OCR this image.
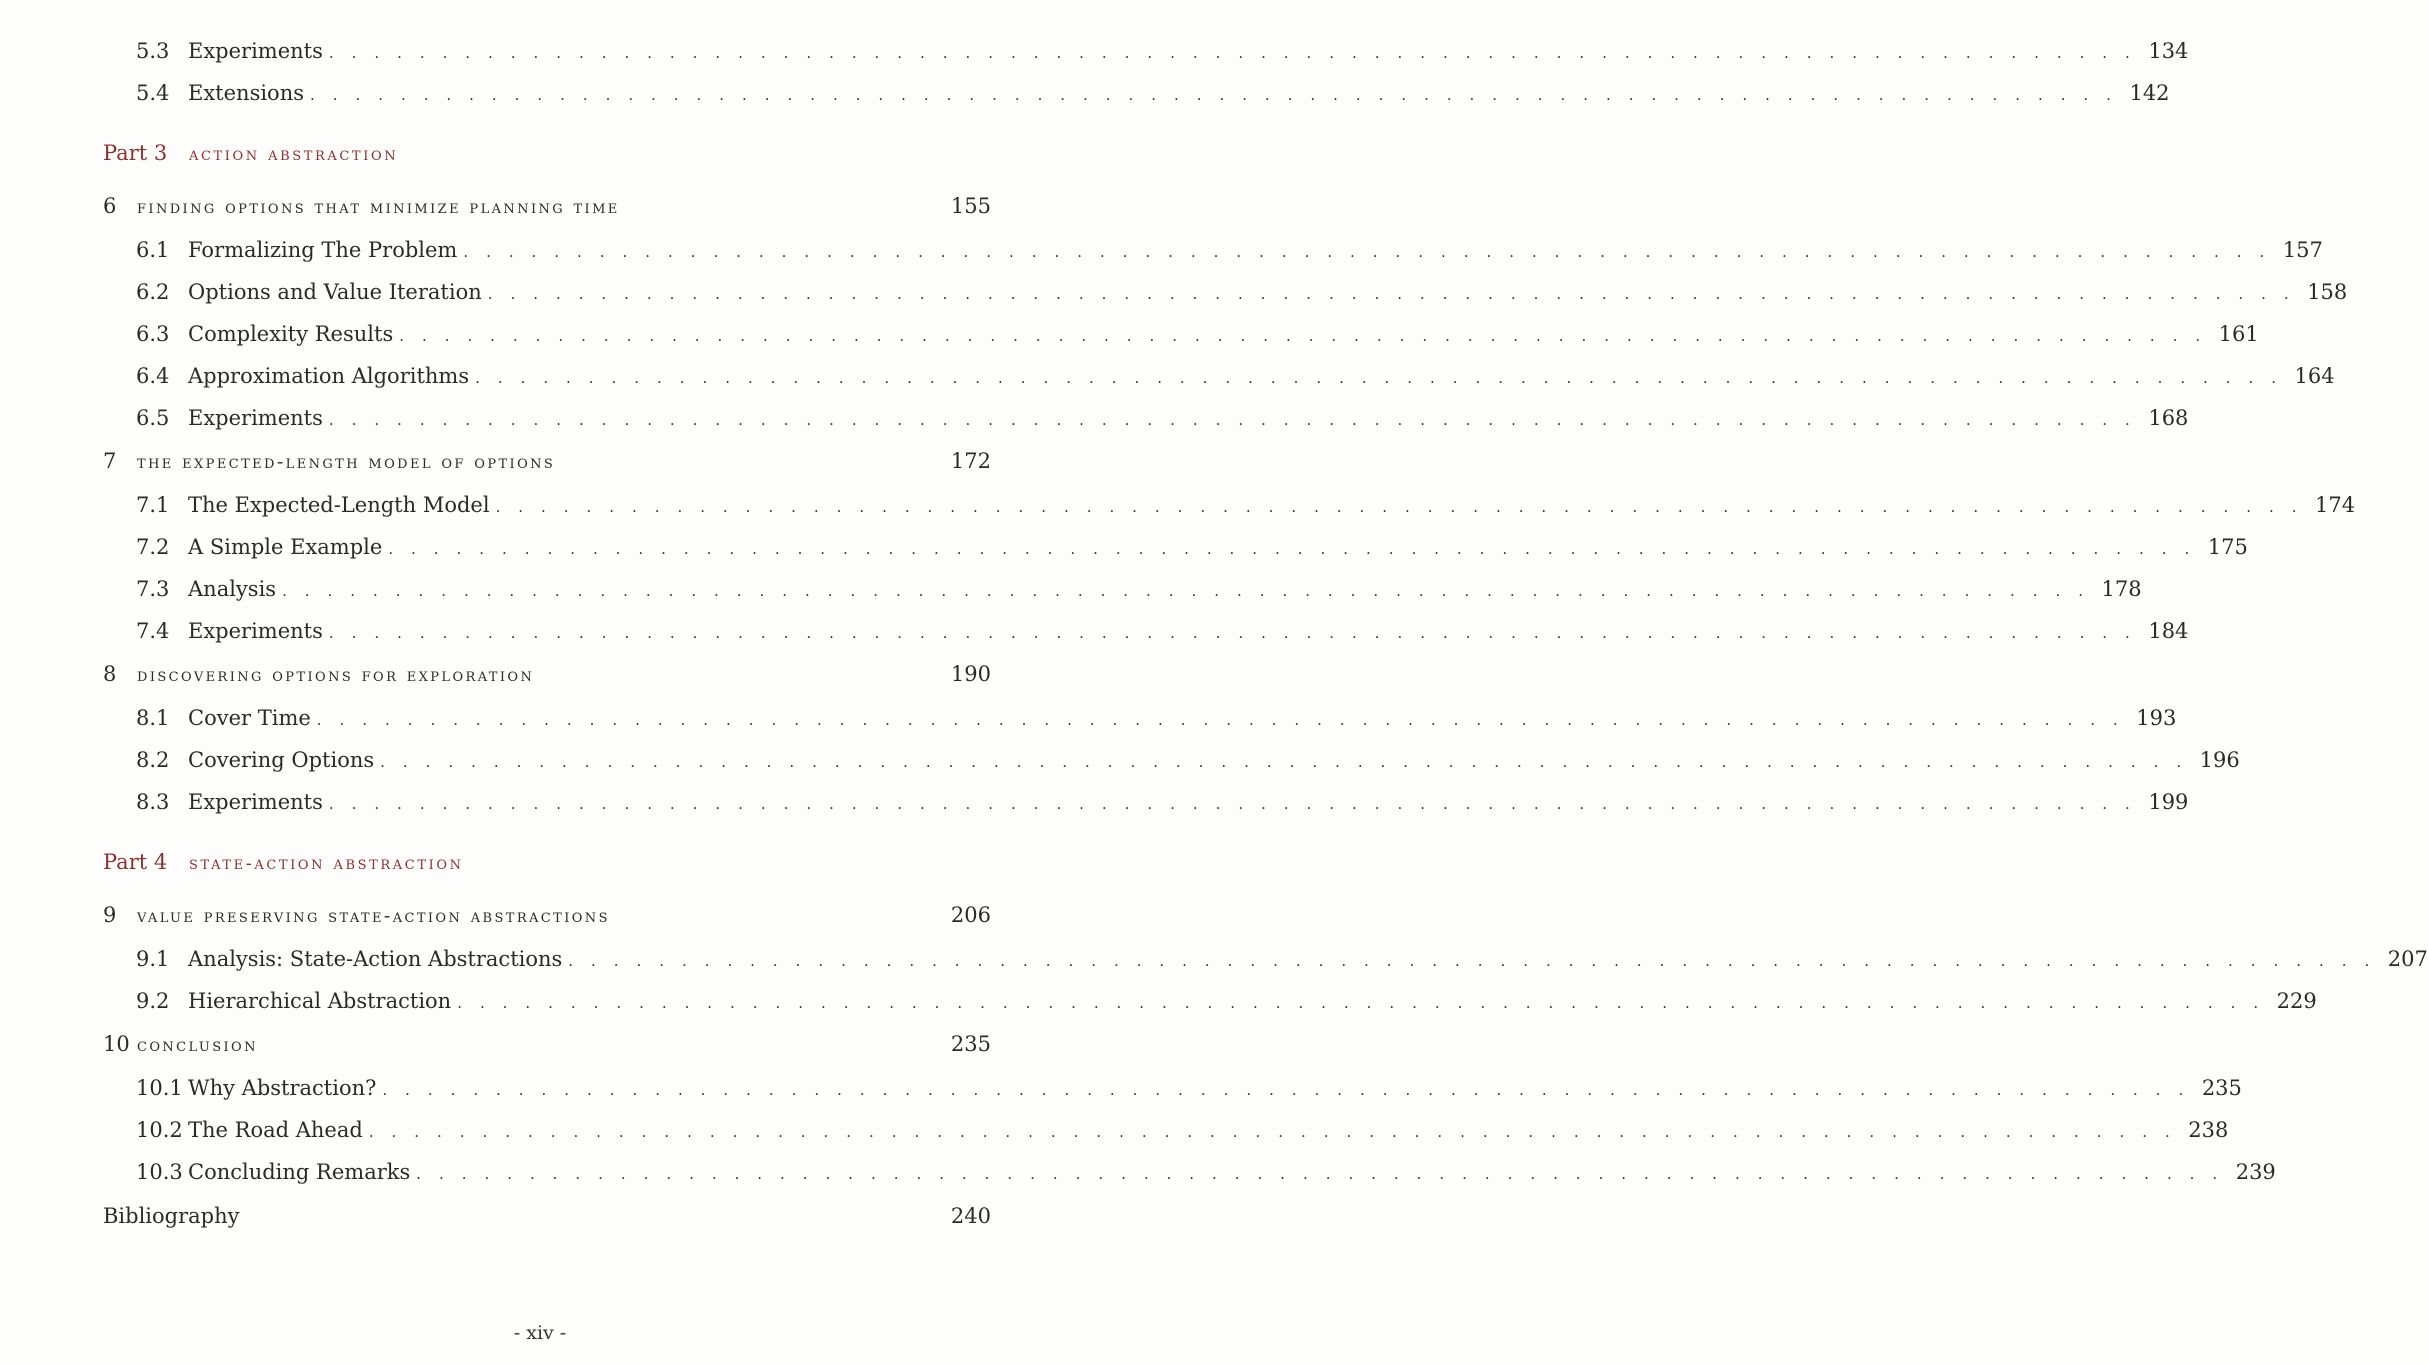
5.3 Experiments . . . . . . . . . . . . . . . . . . . . . . . . . . . . . . . . . . . . . . . . . . . . . . . . . . . . . . . . . . . . . . . . . . . . . . . . . . . . . . . . 134
5.4 Extensions . . . . . . . . . . . . . . . . . . . . . . . . . . . . . . . . . . . . . . . . . . . . . . . . . . . . . . . . . . . . . . . . . . . . . . . . . . . . . . . . 142
Part 3	action abstraction
6	finding options that minimize planning time	155
6.1 Formalizing The Problem . . . . . . . . . . . . . . . . . . . . . . . . . . . . . . . . . . . . . . . . . . . . . . . . . . . . . . . . . . . . . . . . . . . . . . . . . . . . . . . . 157
6.2 Options and Value Iteration . . . . . . . . . . . . . . . . . . . . . . . . . . . . . . . . . . . . . . . . . . . . . . . . . . . . . . . . . . . . . . . . . . . . . . . . . . . . . . . . 158
6.3 Complexity Results . . . . . . . . . . . . . . . . . . . . . . . . . . . . . . . . . . . . . . . . . . . . . . . . . . . . . . . . . . . . . . . . . . . . . . . . . . . . . . . . 161
6.4 Approximation Algorithms . . . . . . . . . . . . . . . . . . . . . . . . . . . . . . . . . . . . . . . . . . . . . . . . . . . . . . . . . . . . . . . . . . . . . . . . . . . . . . . . 164
6.5 Experiments . . . . . . . . . . . . . . . . . . . . . . . . . . . . . . . . . . . . . . . . . . . . . . . . . . . . . . . . . . . . . . . . . . . . . . . . . . . . . . . . 168
7	the expected-length model of options	172
7.1 The Expected-Length Model . . . . . . . . . . . . . . . . . . . . . . . . . . . . . . . . . . . . . . . . . . . . . . . . . . . . . . . . . . . . . . . . . . . . . . . . . . . . . . . . 174
7.2 A Simple Example . . . . . . . . . . . . . . . . . . . . . . . . . . . . . . . . . . . . . . . . . . . . . . . . . . . . . . . . . . . . . . . . . . . . . . . . . . . . . . . . 175
7.3 Analysis . . . . . . . . . . . . . . . . . . . . . . . . . . . . . . . . . . . . . . . . . . . . . . . . . . . . . . . . . . . . . . . . . . . . . . . . . . . . . . . . 178
7.4 Experiments . . . . . . . . . . . . . . . . . . . . . . . . . . . . . . . . . . . . . . . . . . . . . . . . . . . . . . . . . . . . . . . . . . . . . . . . . . . . . . . . 184
8	discovering options for exploration	190
8.1 Cover Time . . . . . . . . . . . . . . . . . . . . . . . . . . . . . . . . . . . . . . . . . . . . . . . . . . . . . . . . . . . . . . . . . . . . . . . . . . . . . . . . 193
8.2 Covering Options . . . . . . . . . . . . . . . . . . . . . . . . . . . . . . . . . . . . . . . . . . . . . . . . . . . . . . . . . . . . . . . . . . . . . . . . . . . . . . . . 196
8.3 Experiments . . . . . . . . . . . . . . . . . . . . . . . . . . . . . . . . . . . . . . . . . . . . . . . . . . . . . . . . . . . . . . . . . . . . . . . . . . . . . . . . 199
Part 4	state-action abstraction
9	value preserving state-action abstractions	206
9.1 Analysis: State-Action Abstractions . . . . . . . . . . . . . . . . . . . . . . . . . . . . . . . . . . . . . . . . . . . . . . . . . . . . . . . . . . . . . . . . . . . . . . . . . . . . . . . . 207
9.2 Hierarchical Abstraction . . . . . . . . . . . . . . . . . . . . . . . . . . . . . . . . . . . . . . . . . . . . . . . . . . . . . . . . . . . . . . . . . . . . . . . . . . . . . . . . 229
10 conclusion	235
10.1 Why Abstraction? . . . . . . . . . . . . . . . . . . . . . . . . . . . . . . . . . . . . . . . . . . . . . . . . . . . . . . . . . . . . . . . . . . . . . . . . . . . . . . . . 235
10.2 The Road Ahead . . . . . . . . . . . . . . . . . . . . . . . . . . . . . . . . . . . . . . . . . . . . . . . . . . . . . . . . . . . . . . . . . . . . . . . . . . . . . . . . 238
10.3 Concluding Remarks . . . . . . . . . . . . . . . . . . . . . . . . . . . . . . . . . . . . . . . . . . . . . . . . . . . . . . . . . . . . . . . . . . . . . . . . . . . . . . . . 239
Bibliography	240
- xiv -
